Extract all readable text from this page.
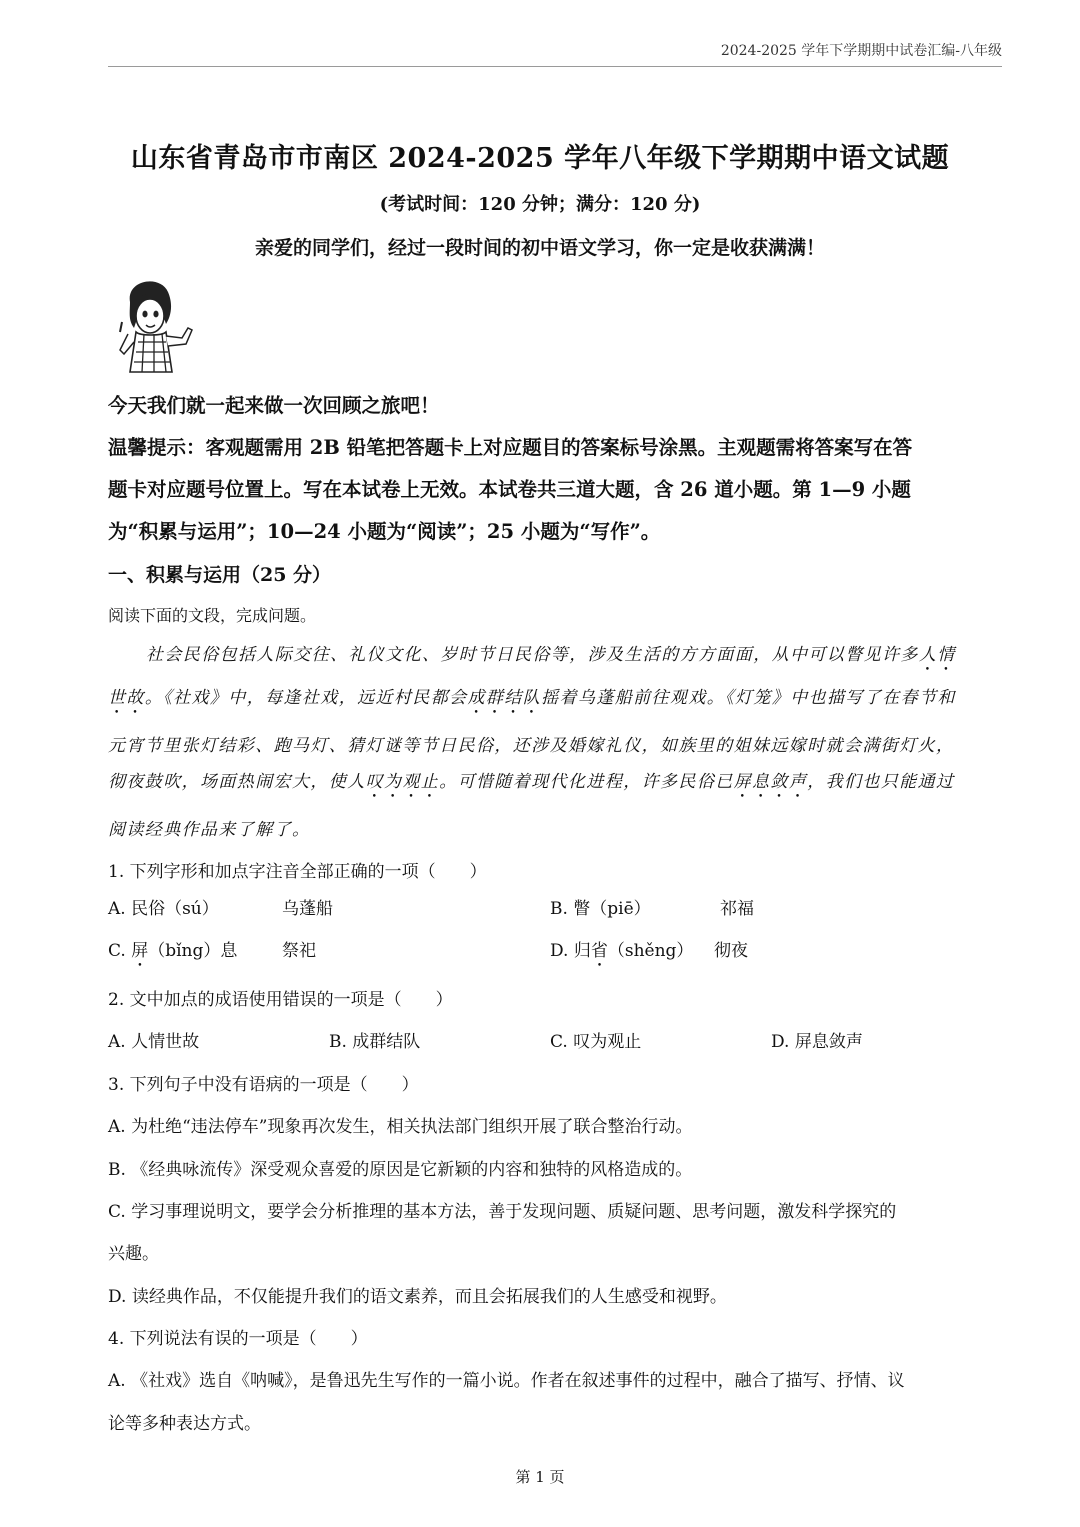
2024-2025 学年下学期期中试卷汇编-八年级
山东省青岛市市南区 2024-2025 学年八年级下学期期中语文试题
(考试时间：120 分钟；满分：120 分)
亲爱的同学们，经过一段时间的初中语文学习，你一定是收获满满！
今天我们就一起来做一次回顾之旅吧！
温馨提示：客观题需用 2B 铅笔把答题卡上对应题目的答案标号涂黑。主观题需将答案写在答
题卡对应题号位置上。写在本试卷上无效。本试卷共三道大题，含 26 道小题。第 1—9 小题
为“积累与运用”；10—24 小题为“阅读”；25 小题为“写作”。
一、积累与运用（25 分）
阅读下面的文段，完成问题。
社会民俗包括人际交往、礼仪文化、岁时节日民俗等，涉及生活的方方面面，从中可以瞥见许多人情
世故。《社戏》中，每逢社戏，远近村民都会成群结队摇着乌蓬船前往观戏。《灯笼》中也描写了在春节和
元宵节里张灯结彩、跑马灯、猜灯谜等节日民俗，还涉及婚嫁礼仪，如族里的姐妹远嫁时就会满街灯火，
彻夜鼓吹，场面热闹宏大，使人叹为观止。可惜随着现代化进程，许多民俗已屏息敛声，我们也只能通过
阅读经典作品来了解了。
1. 下列字形和加点字注音全部正确的一项（　　）
A. 民俗（sú）	乌蓬船	B. 瞥（piē）	祁福
C. 屏（bǐng）息	祭祀	D. 归省（shěng） 彻夜
2. 文中加点的成语使用错误的一项是（　　）
A. 人情世故	B. 成群结队	C. 叹为观止	D. 屏息敛声
3. 下列句子中没有语病的一项是（　　）
A. 为杜绝“违法停车”现象再次发生，相关执法部门组织开展了联合整治行动。
B. 《经典咏流传》深受观众喜爱的原因是它新颖的内容和独特的风格造成的。
C. 学习事理说明文，要学会分析推理的基本方法，善于发现问题、质疑问题、思考问题，激发科学探究的
兴趣。
D. 读经典作品，不仅能提升我们的语文素养，而且会拓展我们的人生感受和视野。
4. 下列说法有误的一项是（　　）
A. 《社戏》选自《呐喊》，是鲁迅先生写作的一篇小说。作者在叙述事件的过程中，融合了描写、抒情、议
论等多种表达方式。
第 1 页
